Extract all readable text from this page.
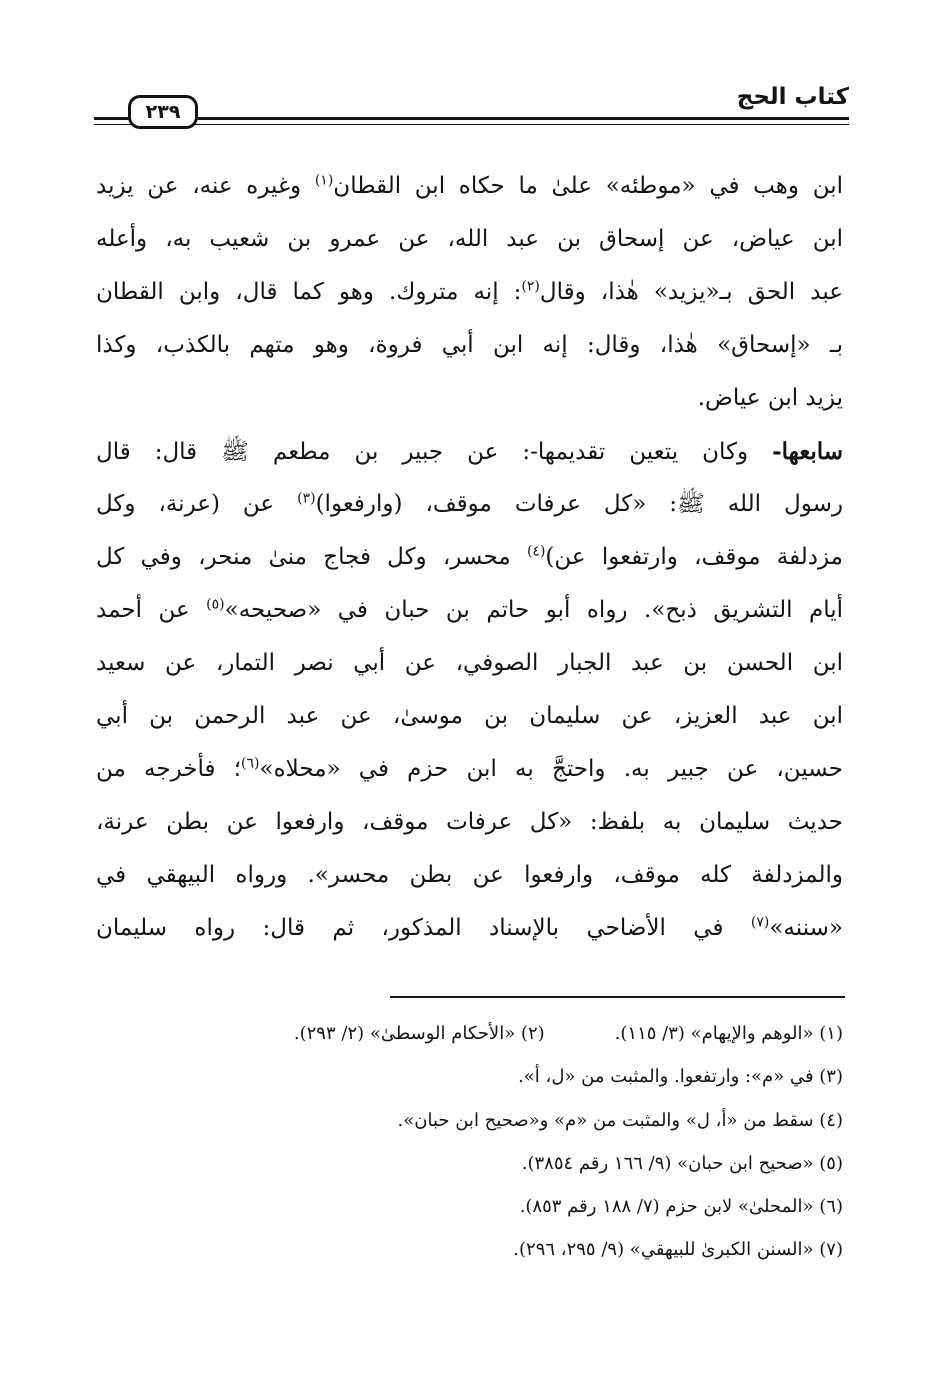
كتاب الحج
٢٣٩
ابن وهب في «موطئه» علىٰ ما حكاه ابن القطان$^{(١)}$ وغيره عنه، عن يزيد
ابن عياض، عن إسحاق بن عبد الله، عن عمرو بن شعيب به، وأعله
عبد الحق بـ«يزيد» هٰذا، وقال$^{(٢)}$: إنه متروك. وهو كما قال، وابن القطان
بـ «إسحاق» هٰذا، وقال: إنه ابن أبي فروة، وهو متهم بالكذب، وكذا
يزيد ابن عياض.
سابعها- وكان يتعين تقديمها-: عن جبير بن مطعم ﷺ قال: قال
رسول الله ﷺ: «كل عرفات موقف، (وارفعوا)$^{(٣)}$ عن (عرنة، وكل
مزدلفة موقف، وارتفعوا عن)$^{(٤)}$ محسر، وكل فجاج منىٰ منحر، وفي كل
أيام التشريق ذبح». رواه أبو حاتم بن حبان في «صحيحه»$^{(٥)}$ عن أحمد
ابن الحسن بن عبد الجبار الصوفي، عن أبي نصر التمار، عن سعيد
ابن عبد العزيز، عن سليمان بن موسىٰ، عن عبد الرحمن بن أبي
حسين، عن جبير به. واحتجَّ به ابن حزم في «محلاه»$^{(٦)}$؛ فأخرجه من
حديث سليمان به بلفظ: «كل عرفات موقف، وارفعوا عن بطن عرنة،
والمزدلفة كله موقف، وارفعوا عن بطن محسر». ورواه البيهقي في
«سننه»$^{(٧)}$ في الأضاحي بالإسناد المذكور، ثم قال: رواه سليمان
(١) «الوهم والإيهام» (٣/ ١١٥).
(٢) «الأحكام الوسطىٰ» (٢/ ٢٩٣).
(٣) في «م»: وارتفعوا. والمثبت من «ل، أ».
(٤) سقط من «أ، ل» والمثبت من «م» و«صحيح ابن حبان».
(٥) «صحيح ابن حبان» (٩/ ١٦٦ رقم ٣٨٥٤).
(٦) «المحلىٰ» لابن حزم (٧/ ١٨٨ رقم ٨٥٣).
(٧) «السنن الكبرىٰ للبيهقي» (٩/ ٢٩٥، ٢٩٦).
